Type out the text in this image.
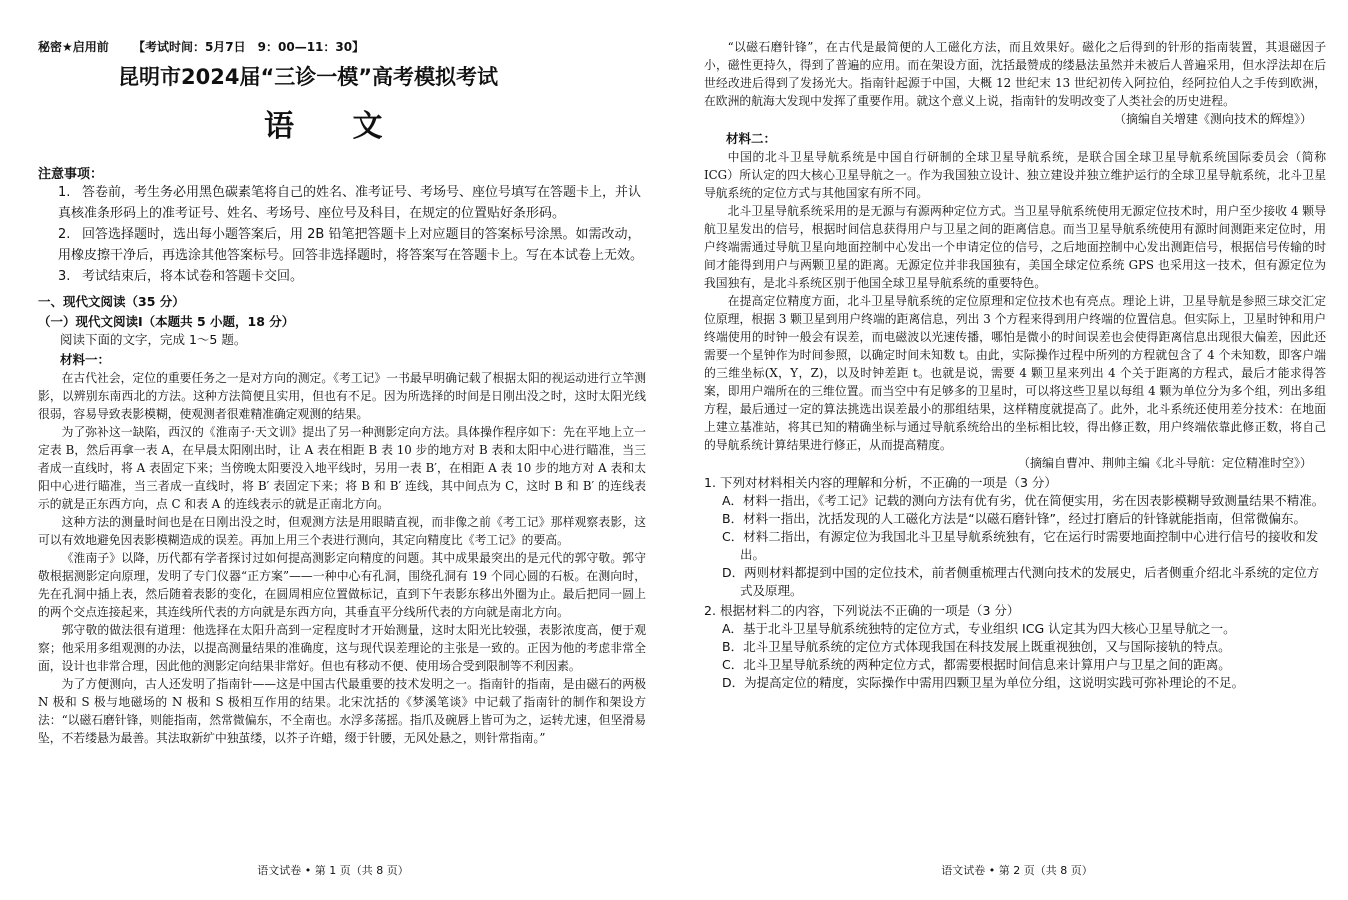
秘密★启用前 【考试时间：5月7日　9：00—11：30】
昆明市2024届“三诊一模”高考模拟考试
语 文
注意事项：
1. 答卷前，考生务必用黑色碳素笔将自己的姓名、准考证号、考场号、座位号填写在答题卡上，并认真核准条形码上的准考证号、姓名、考场号、座位号及科目，在规定的位置贴好条形码。
2. 回答选择题时，选出每小题答案后，用 2B 铅笔把答题卡上对应题目的答案标号涂黑。如需改动，用橡皮擦干净后，再选涂其他答案标号。回答非选择题时，将答案写在答题卡上。写在本试卷上无效。
3. 考试结束后，将本试卷和答题卡交回。
一、现代文阅读（35 分）
（一）现代文阅读Ⅰ（本题共 5 小题，18 分）
阅读下面的文字，完成 1～5 题。
材料一：

在古代社会，定位的重要任务之一是对方向的测定。《考工记》一书最早明确记载了根据太阳的视运动进行立竿测影，以辨别东南西北的方法。这种方法简便且实用，但也有不足。因为所选择的时间是日刚出没之时，这时太阳光线很弱，容易导致表影模糊，使观测者很难精准确定观测的结果。

为了弥补这一缺陷，西汉的《淮南子·天文训》提出了另一种测影定向方法。具体操作程序如下：先在平地上立一定表 B，然后再拿一表 A，在早晨太阳刚出时，让 A 表在相距 B 表 10 步的地方对 B 表和太阳中心进行瞄准，当三者成一直线时，将 A 表固定下来；当傍晚太阳要没入地平线时，另用一表 B′，在相距 A 表 10 步的地方对 A 表和太阳中心进行瞄准，当三者成一直线时，将 B′ 表固定下来；将 B 和 B′ 连线，其中间点为 C，这时 B 和 B′ 的连线表示的就是正东西方向，点 C 和表 A 的连线表示的就是正南北方向。

这种方法的测量时间也是在日刚出没之时，但观测方法是用眼睛直视，而非像之前《考工记》那样观察表影，这可以有效地避免因表影模糊造成的误差。再加上用三个表进行测向，其定向精度比《考工记》的要高。

《淮南子》以降，历代都有学者探讨过如何提高测影定向精度的问题。其中成果最突出的是元代的郭守敬。郭守敬根据测影定向原理，发明了专门仪器“正方案”——一种中心有孔洞，围绕孔洞有 19 个同心圆的石板。在测向时，先在孔洞中插上表，然后随着表影的变化，在圆周相应位置做标记，直到下午表影东移出外圈为止。最后把同一圆上的两个交点连接起来，其连线所代表的方向就是东西方向，其垂直平分线所代表的方向就是南北方向。

郭守敬的做法很有道理：他选择在太阳升高到一定程度时才开始测量，这时太阳光比较强，表影浓度高，便于观察；他采用多组观测的办法，以提高测量结果的准确度，这与现代误差理论的主张是一致的。正因为他的考虑非常全面，设计也非常合理，因此他的测影定向结果非常好。但也有移动不便、使用场合受到限制等不利因素。

为了方便测向，古人还发明了指南针——这是中国古代最重要的技术发明之一。指南针的指南，是由磁石的两极 N 极和 S 极与地磁场的 N 极和 S 极相互作用的结果。北宋沈括的《梦溪笔谈》中记载了指南针的制作和架设方法：“以磁石磨针锋，则能指南，然常微偏东，不全南也。水浮多荡摇。指爪及碗唇上皆可为之，运转尤速，但坚滑易坠，不若缕悬为最善。其法取新纩中独茧缕，以芥子许蜡，缀于针腰，无风处悬之，则针常指南。”

语文试卷 • 第 1 页（共 8 页）

“以磁石磨针锋”，在古代是最简便的人工磁化方法，而且效果好。磁化之后得到的针形的指南装置，其退磁因子小，磁性更持久，得到了普遍的应用。而在架设方面，沈括最赞成的缕悬法虽然并未被后人普遍采用，但水浮法却在后世经改进后得到了发扬光大。指南针起源于中国，大概 12 世纪末 13 世纪初传入阿拉伯，经阿拉伯人之手传到欧洲，在欧洲的航海大发现中发挥了重要作用。就这个意义上说，指南针的发明改变了人类社会的历史进程。

（摘编自关增建《测向技术的辉煌》）
材料二：

中国的北斗卫星导航系统是中国自行研制的全球卫星导航系统，是联合国全球卫星导航系统国际委员会（简称 ICG）所认定的四大核心卫星导航之一。作为我国独立设计、独立建设并独立维护运行的全球卫星导航系统，北斗卫星导航系统的定位方式与其他国家有所不同。

北斗卫星导航系统采用的是无源与有源两种定位方式。当卫星导航系统使用无源定位技术时，用户至少接收 4 颗导航卫星发出的信号，根据时间信息获得用户与卫星之间的距离信息。而当卫星导航系统使用有源时间测距来定位时，用户终端需通过导航卫星向地面控制中心发出一个申请定位的信号，之后地面控制中心发出测距信号，根据信号传输的时间才能得到用户与两颗卫星的距离。无源定位并非我国独有，美国全球定位系统 GPS 也采用这一技术，但有源定位为我国独有，是北斗系统区别于他国全球卫星导航系统的重要特色。

在提高定位精度方面，北斗卫星导航系统的定位原理和定位技术也有亮点。理论上讲，卫星导航是参照三球交汇定位原理，根据 3 颗卫星到用户终端的距离信息，列出 3 个方程来得到用户终端的位置信息。但实际上，卫星时钟和用户终端使用的时钟一般会有误差，而电磁波以光速传播，哪怕是微小的时间误差也会使得距离信息出现很大偏差，因此还需要一个星钟作为时间参照，以确定时间未知数 t。由此，实际操作过程中所列的方程就包含了 4 个未知数，即客户端的三维坐标(X，Y，Z)，以及时钟差距 t。也就是说，需要 4 颗卫星来列出 4 个关于距离的方程式，最后才能求得答案，即用户端所在的三维位置。而当空中有足够多的卫星时，可以将这些卫星以每组 4 颗为单位分为多个组，列出多组方程，最后通过一定的算法挑选出误差最小的那组结果，这样精度就提高了。此外，北斗系统还使用差分技术：在地面上建立基准站，将其已知的精确坐标与通过导航系统给出的坐标相比较，得出修正数，用户终端依靠此修正数，将自己的导航系统计算结果进行修正，从而提高精度。

（摘编自曹冲、荆帅主编《北斗导航：定位精准时空》）
1. 下列对材料相关内容的理解和分析，不正确的一项是（3 分）
A．材料一指出，《考工记》记载的测向方法有优有劣，优在简便实用，劣在因表影模糊导致测量结果不精准。
B．材料一指出，沈括发现的人工磁化方法是“以磁石磨针锋”，经过打磨后的针锋就能指南，但常微偏东。
C．材料二指出，有源定位为我国北斗卫星导航系统独有，它在运行时需要地面控制中心进行信号的接收和发出。
D．两则材料都提到中国的定位技术，前者侧重梳理古代测向技术的发展史，后者侧重介绍北斗系统的定位方式及原理。
2. 根据材料二的内容，下列说法不正确的一项是（3 分）
A．基于北斗卫星导航系统独特的定位方式，专业组织 ICG 认定其为四大核心卫星导航之一。
B．北斗卫星导航系统的定位方式体现我国在科技发展上既重视独创，又与国际接轨的特点。
C．北斗卫星导航系统的两种定位方式，都需要根据时间信息来计算用户与卫星之间的距离。
D．为提高定位的精度，实际操作中需用四颗卫星为单位分组，这说明实践可弥补理论的不足。
语文试卷 • 第 2 页（共 8 页）
